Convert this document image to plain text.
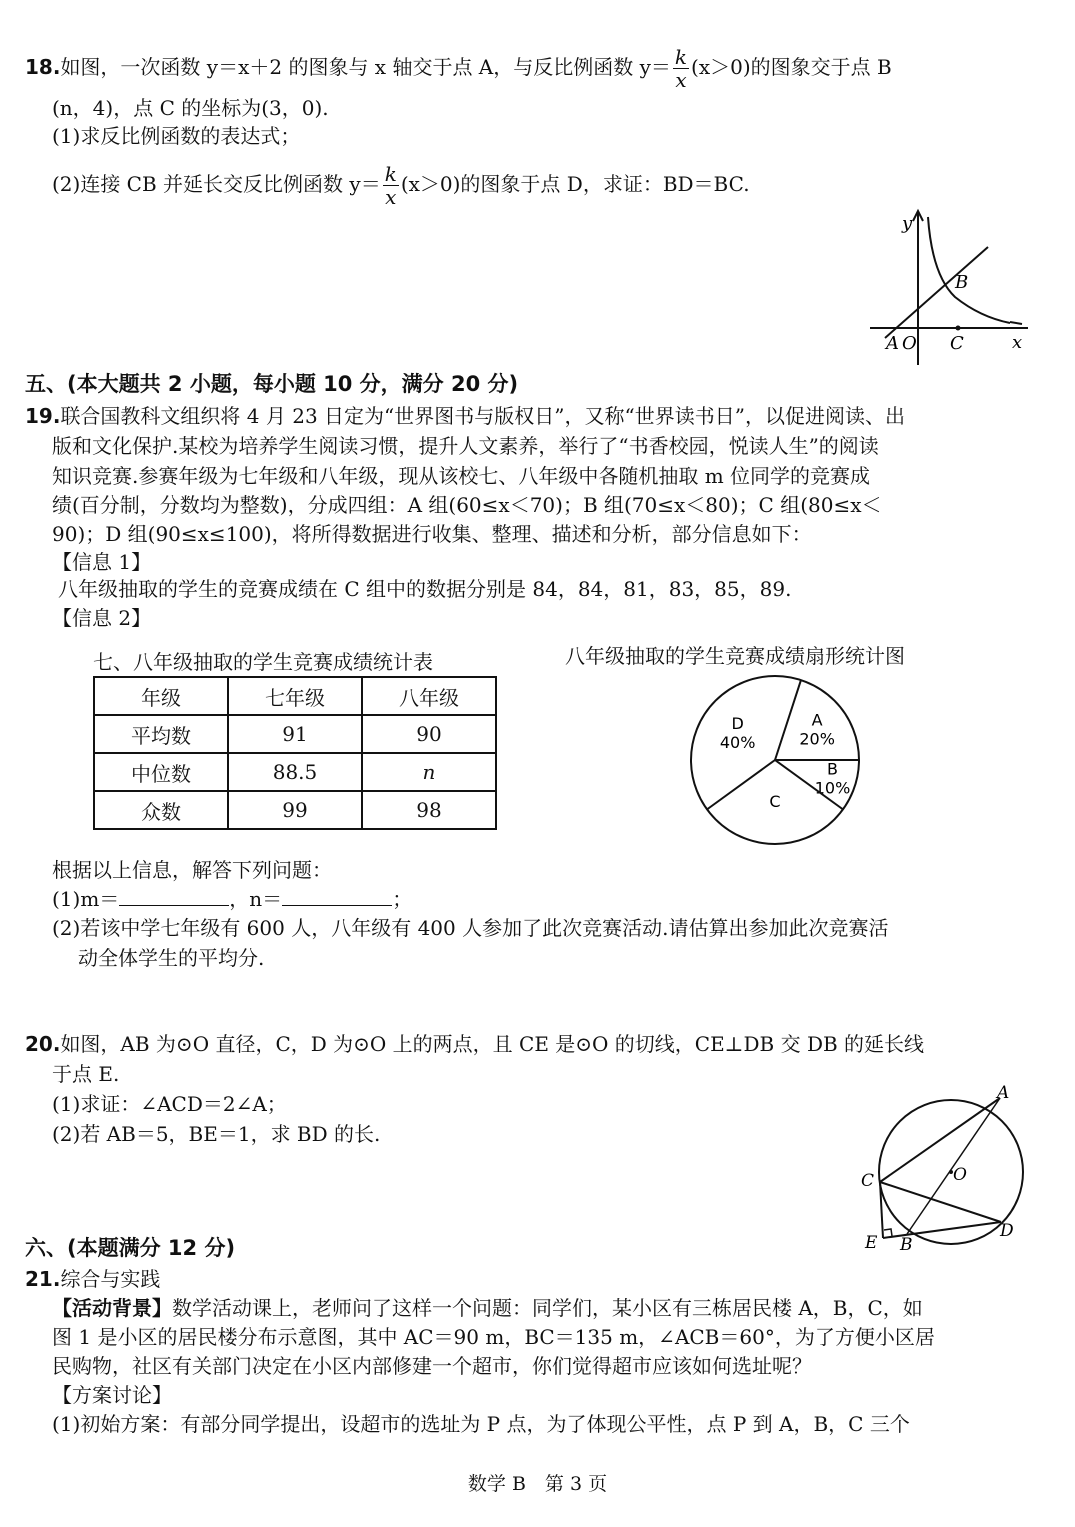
18.如图，一次函数 y＝x＋2 的图象与 x 轴交于点 A，与反比例函数 $y= \frac{k}{x} (x>0)$的图象交于点 B
(n，4)，点 C 的坐标为(3，0).
(1)求反比例函数的表达式；
(2)连接 CB 并延长交反比例函数 $y= \frac{k}{x} (x>0)$的图象于点 D，求证：BD＝BC.
y
x
A O C
B
五、(本大题共 2 小题，每小题 10 分，满分 20 分)
19.联合国教科文组织将 4 月 23 日定为“世界图书与版权日”，又称“世界读书日”，以促进阅读、出
版和文化保护.某校为培养学生阅读习惯，提升人文素养，举行了“书香校园，悦读人生”的阅读
知识竞赛.参赛年级为七年级和八年级，现从该校七、八年级中各随机抽取 m 位同学的竞赛成
绩(百分制，分数均为整数)，分成四组：A 组(60≤x＜70)；B 组(70≤x＜80)；C 组(80≤x＜
90)；D 组(90≤x≤100)，将所得数据进行收集、整理、描述和分析，部分信息如下：
【信息 1】
八年级抽取的学生的竞赛成绩在 C 组中的数据分别是 84，84，81，83，85，89.
【信息 2】
七、八年级抽取的学生竞赛成绩统计表
年级	七年级	八年级
平均数	91	90
中位数	88.5	n
众数	99	98
八年级抽取的学生竞赛成绩扇形统计图
A 20%
B 10%
C
D 40%
根据以上信息，解答下列问题：
(1)m＝	，n＝	；
(2)若该中学七年级有 600 人，八年级有 400 人参加了此次竞赛活动.请估算出参加此次竞赛活
动全体学生的平均分.
20.如图，AB 为⊙O 直径，C，D 为⊙O 上的两点，且 CE 是⊙O 的切线，CE⊥DB 交 DB 的延长线
于点 E.
(1)求证：∠ACD＝2∠A；
(2)若 AB＝5，BE＝1，求 BD 的长.
A
C	O
D
E B
六、(本题满分 12 分)
21.综合与实践
【活动背景】数学活动课上，老师问了这样一个问题：同学们，某小区有三栋居民楼 A，B，C，如
图 1 是小区的居民楼分布示意图，其中 AC＝90 m，BC＝135 m，∠ACB＝60°，为了方便小区居
民购物，社区有关部门决定在小区内部修建一个超市，你们觉得超市应该如何选址呢？
【方案讨论】
(1)初始方案：有部分同学提出，设超市的选址为 P 点，为了体现公平性，点 P 到 A，B，C 三个
数学 B　第 3 页
